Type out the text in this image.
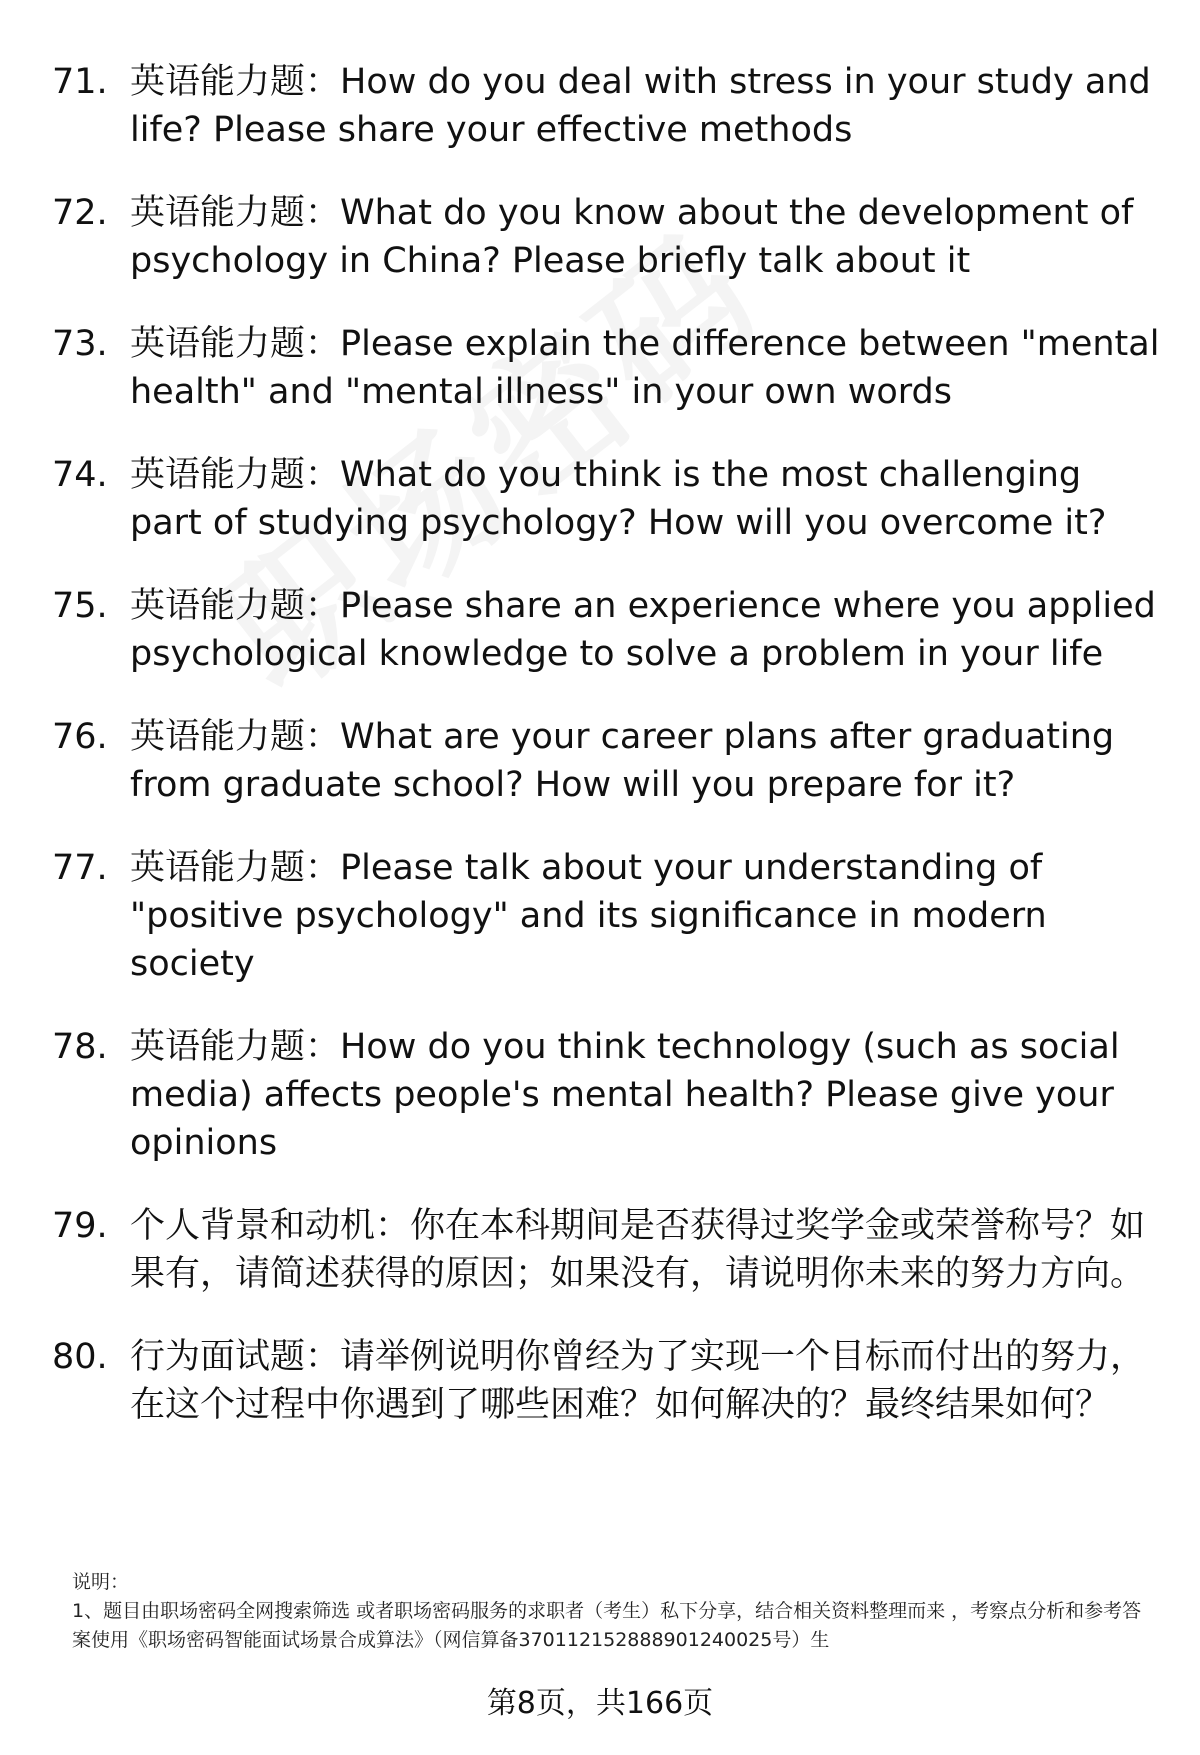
71. 英语能力题：How do you deal with stress in your study and life? Please share your effective methods
72. 英语能力题：What do you know about the development of psychology in China? Please briefly talk about it
73. 英语能力题：Please explain the difference between "mental health" and "mental illness" in your own words
74. 英语能力题：What do you think is the most challenging part of studying psychology? How will you overcome it?
75. 英语能力题：Please share an experience where you applied psychological knowledge to solve a problem in your life
76. 英语能力题：What are your career plans after graduating from graduate school? How will you prepare for it?
77. 英语能力题：Please talk about your understanding of "positive psychology" and its significance in modern society
78. 英语能力题：How do you think technology (such as social media) affects people's mental health? Please give your opinions
79. 个人背景和动机：你在本科期间是否获得过奖学金或荣誉称号？如果有，请简述获得的原因；如果没有，请说明你未来的努力方向。
80. 行为面试题：请举例说明你曾经为了实现一个目标而付出的努力，在这个过程中你遇到了哪些困难？如何解决的？最终结果如何？
说明：
1、题目由职场密码全网搜索筛选 或者职场密码服务的求职者（考生）私下分享，结合相关资料整理而来 ，考察点分析和参考答案使用《职场密码智能面试场景合成算法》（网信算备370112152888901240025号）生
第8页，共166页
